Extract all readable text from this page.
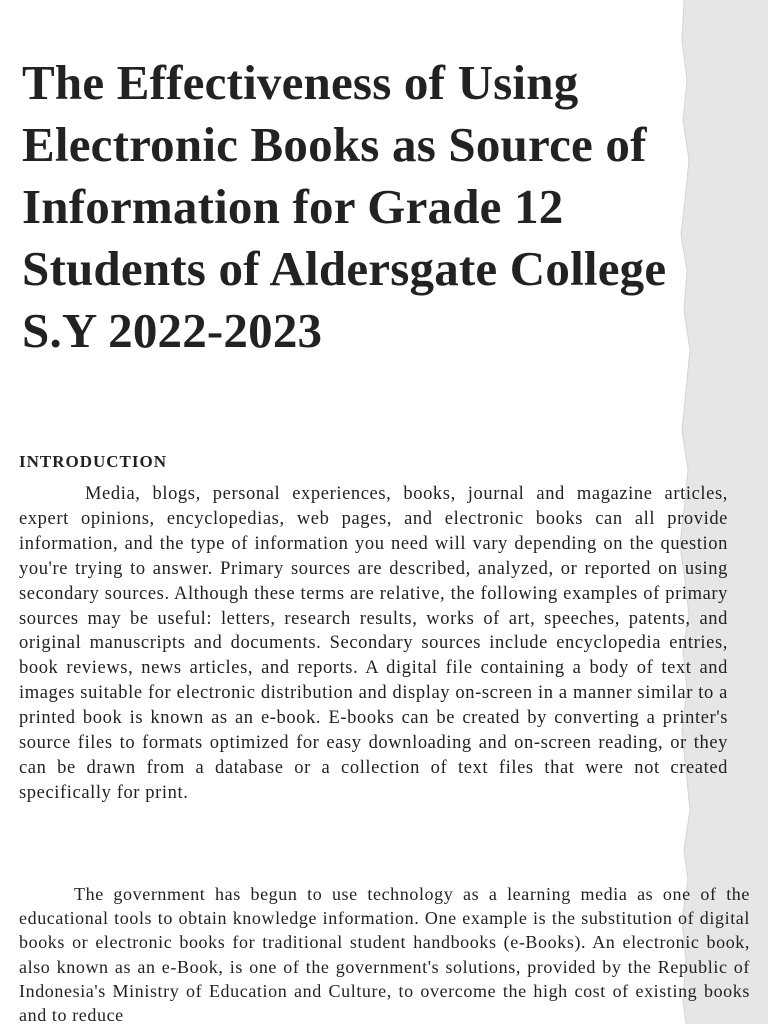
The Effectiveness of Using Electronic Books as Source of Information for Grade 12 Students of Aldersgate College S.Y 2022-2023
INTRODUCTION

Media, blogs, personal experiences, books, journal and magazine articles, expert opinions, encyclopedias, web pages, and electronic books can all provide information, and the type of information you need will vary depending on the question you're trying to answer. Primary sources are described, analyzed, or reported on using secondary sources. Although these terms are relative, the following examples of primary sources may be useful: letters, research results, works of art, speeches, patents, and original manuscripts and documents. Secondary sources include encyclopedia entries, book reviews, news articles, and reports. A digital file containing a body of text and images suitable for electronic distribution and display on-screen in a manner similar to a printed book is known as an e-book. E-books can be created by converting a printer's source files to formats optimized for easy downloading and on-screen reading, or they can be drawn from a database or a collection of text files that were not created specifically for print.

The government has begun to use technology as a learning media as one of the educational tools to obtain knowledge information. One example is the substitution of digital books or electronic books for traditional student handbooks (e-Books). An electronic book, also known as an e-Book, is one of the government's solutions, provided by the Republic of Indonesia's Ministry of Education and Culture, to overcome the high cost of existing books and to reduce
